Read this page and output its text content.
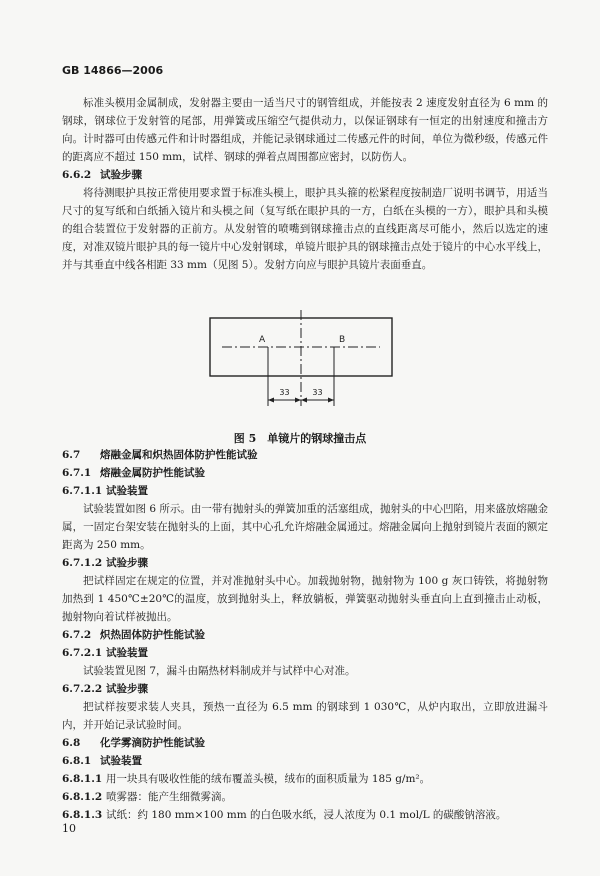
GB 14866—2006

标准头模用金属制成，发射器主要由一适当尺寸的钢管组成，并能按表 2 速度发射直径为 6 mm 的钢球，钢球位于发射管的尾部，用弹簧或压缩空气提供动力，以保证钢球有一恒定的出射速度和撞击方向。计时器可由传感元件和计时器组成，并能记录钢球通过二传感元件的时间，单位为微秒级，传感元件的距离应不超过 150 mm，试样、钢球的弹着点周围都应密封，以防伤人。

6.6.2 试验步骤

将待测眼护具按正常使用要求置于标准头模上，眼护具头箍的松紧程度按制造厂说明书调节，用适当尺寸的复写纸和白纸插入镜片和头模之间（复写纸在眼护具的一方，白纸在头模的一方），眼护具和头模的组合装置位于发射器的正前方。从发射管的喷嘴到钢球撞击点的直线距离尽可能小，然后以选定的速度，对准双镜片眼护具的每一镜片中心发射钢球，单镜片眼护具的钢球撞击点处于镜片的中心水平线上，并与其垂直中线各相距 33 mm（见图 5）。发射方向应与眼护具镜片表面垂直。

A	B
33	33
图 5　单镜片的钢球撞击点
6.7 熔融金属和炽热固体防护性能试验
6.7.1 熔融金属防护性能试验
6.7.1.1 试验装置

试验装置如图 6 所示。由一带有抛射头的弹簧加重的活塞组成，抛射头的中心凹陷，用来盛放熔融金属，一固定台架安装在抛射头的上面，其中心孔允许熔融金属通过。熔融金属向上抛射到镜片表面的额定距离为 250 mm。

6.7.1.2 试验步骤

把试样固定在规定的位置，并对准抛射头中心。加载抛射物，抛射物为 100 g 灰口铸铁，将抛射物加热到 1 450℃±20℃的温度，放到抛射头上，释放躺板，弹簧驱动抛射头垂直向上直到撞击止动板，抛射物向着试样被抛出。

6.7.2 炽热固体防护性能试验
6.7.2.1 试验装置

试验装置见图 7，漏斗由隔热材料制成并与试样中心对准。

6.7.2.2 试验步骤

把试样按要求装人夹具，预热一直径为 6.5 mm 的钢球到 1 030℃，从炉内取出，立即放进漏斗内，并开始记录试验时间。

6.8 化学雾滴防护性能试验
6.8.1 试验装置
6.8.1.1 用一块具有吸收性能的绒布覆盖头模，绒布的面积质量为 185 g/m²。
6.8.1.2 喷雾器：能产生细微雾滴。
6.8.1.3 试纸：约 180 mm×100 mm 的白色吸水纸，浸人浓度为 0.1 mol/L 的碳酸钠溶液。
10
